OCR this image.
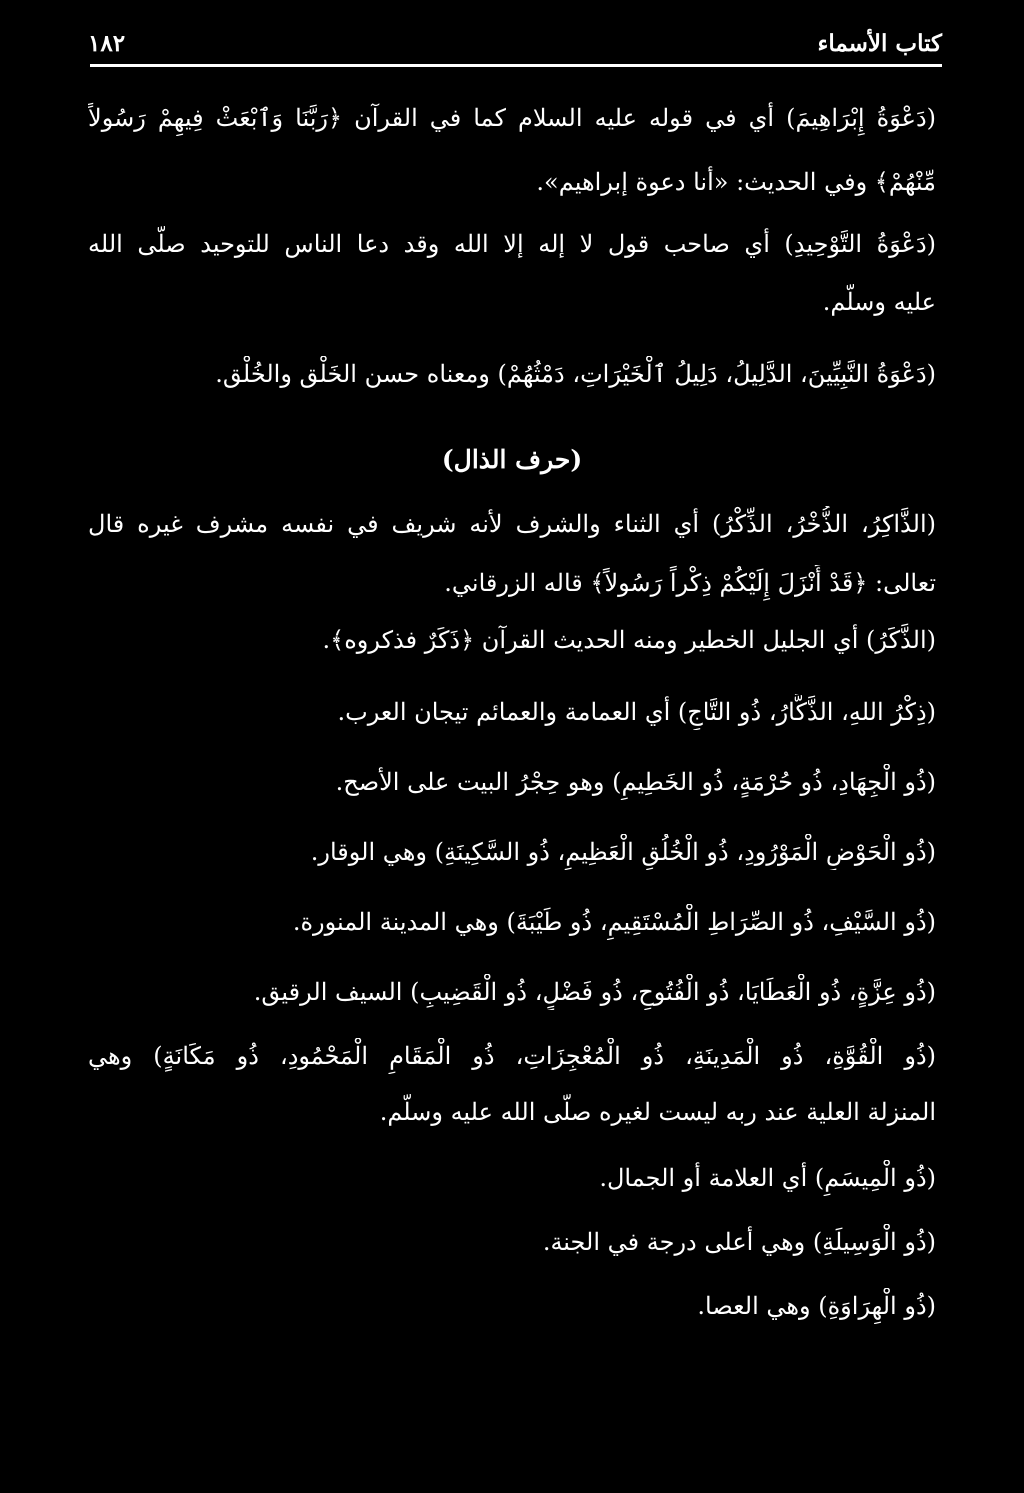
كتاب الأسماء
١٨٢
(دَعْوَةُ إِبْرَاهِيمَ) أي في قوله عليه السلام كما في القرآن ﴿رَبَّنَا وَٱبْعَثْ فِيهِمْ رَسُولاً
مِّنْهُمْ﴾ وفي الحديث: «أنا دعوة إبراهيم».
(دَعْوَةُ التَّوْحِيدِ) أي صاحب قول لا إله إلا الله وقد دعا الناس للتوحيد صلّى الله
عليه وسلّم.
(دَعْوَةُ النَّبِيِّينَ، الدَّلِيلُ، دَلِيلُ ٱلْخَيْرَاتِ، دَمْثُهُمْ) ومعناه حسن الخَلْق والخُلْق.
(حرف الذال)
(الذَّاكِرُ، الذُّخْرُ، الذِّكْرُ) أي الثناء والشرف لأنه شريف في نفسه مشرف غيره قال
تعالى: ﴿قَدْ أَنْزَلَ إِلَيْكُمْ ذِكْراً رَسُولاً﴾ قاله الزرقاني.
(الذَّكَرُ) أي الجليل الخطير ومنه الحديث القرآن ﴿ذَكَرٌ فذكروه﴾.
(ذِكْرُ اللهِ، الذَّكَّارُ، ذُو التَّاجِ) أي العمامة والعمائم تيجان العرب.
(ذُو الْجِهَادِ، ذُو حُرْمَةٍ، ذُو الخَطِيمِ) وهو حِجْرُ البيت على الأصح.
(ذُو الْحَوْضِ الْمَوْرُودِ، ذُو الْخُلُقِ الْعَظِيمِ، ذُو السَّكِينَةِ) وهي الوقار.
(ذُو السَّيْفِ، ذُو الصِّرَاطِ الْمُسْتَقِيمِ، ذُو طَيْبَةَ) وهي المدينة المنورة.
(ذُو عِزَّةٍ، ذُو الْعَطَايَا، ذُو الْفُتُوحِ، ذُو فَضْلٍ، ذُو الْقَضِيبِ) السيف الرقيق.
(ذُو الْقُوَّةِ، ذُو الْمَدِينَةِ، ذُو الْمُعْجِزَاتِ، ذُو الْمَقَامِ الْمَحْمُودِ، ذُو مَكَانَةٍ) وهي
المنزلة العلية عند ربه ليست لغيره صلّى الله عليه وسلّم.
(ذُو الْمِيسَمِ) أي العلامة أو الجمال.
(ذُو الْوَسِيلَةِ) وهي أعلى درجة في الجنة.
(ذُو الْهِرَاوَةِ) وهي العصا.
